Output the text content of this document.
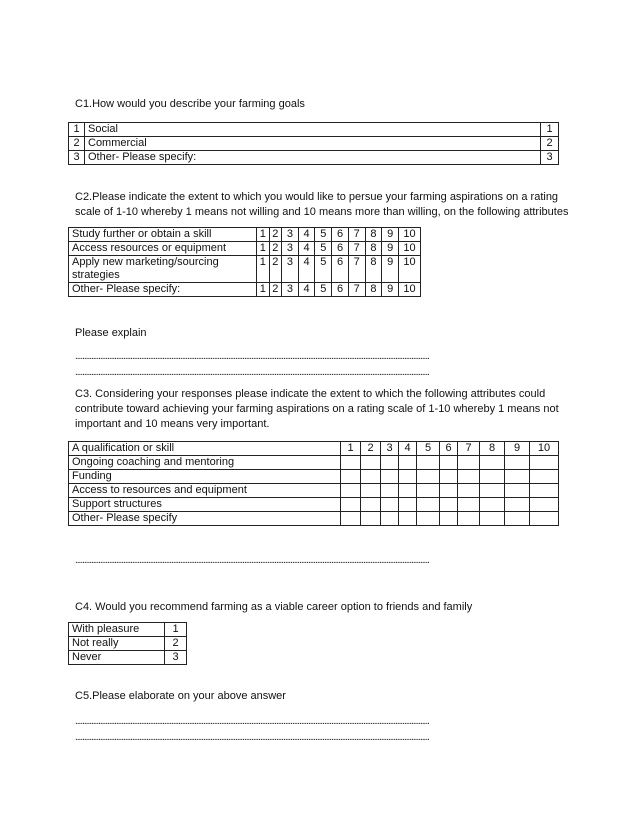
C1.How would you describe your farming goals
1	Social	1
2	Commercial	2
3	Other- Please specify:	3
C2.Please indicate the extent to which you would like to persue your farming aspirations on a rating
scale of 1-10 whereby 1 means not willing and 10 means more than willing, on the following attributes
Study further or obtain a skill	1	2	3	4	5	6	7	8	9	10
Access resources or equipment	1	2	3	4	5	6	7	8	9	10
Apply new marketing/sourcing strategies	1	2	3	4	5	6	7	8	9	10
Other- Please specify:	1	2	3	4	5	6	7	8	9	10
Please explain
.......................................................................................................................................................................................................
.......................................................................................................................................................................................................
C3. Considering your responses please indicate the extent to which the following attributes could
contribute toward achieving your farming aspirations on a rating scale of 1-10 whereby 1 means not
important and 10 means very important.
A qualification or skill	1	2	3	4	5	6	7	8	9	10
Ongoing coaching and mentoring										
Funding										
Access to resources and equipment										
Support structures										
Other- Please specify										
.......................................................................................................................................................................................................
C4. Would you recommend farming as a viable career option to friends and family
With pleasure	1
Not really	2
Never	3
C5.Please elaborate on your above answer
.......................................................................................................................................................................................................
.......................................................................................................................................................................................................
